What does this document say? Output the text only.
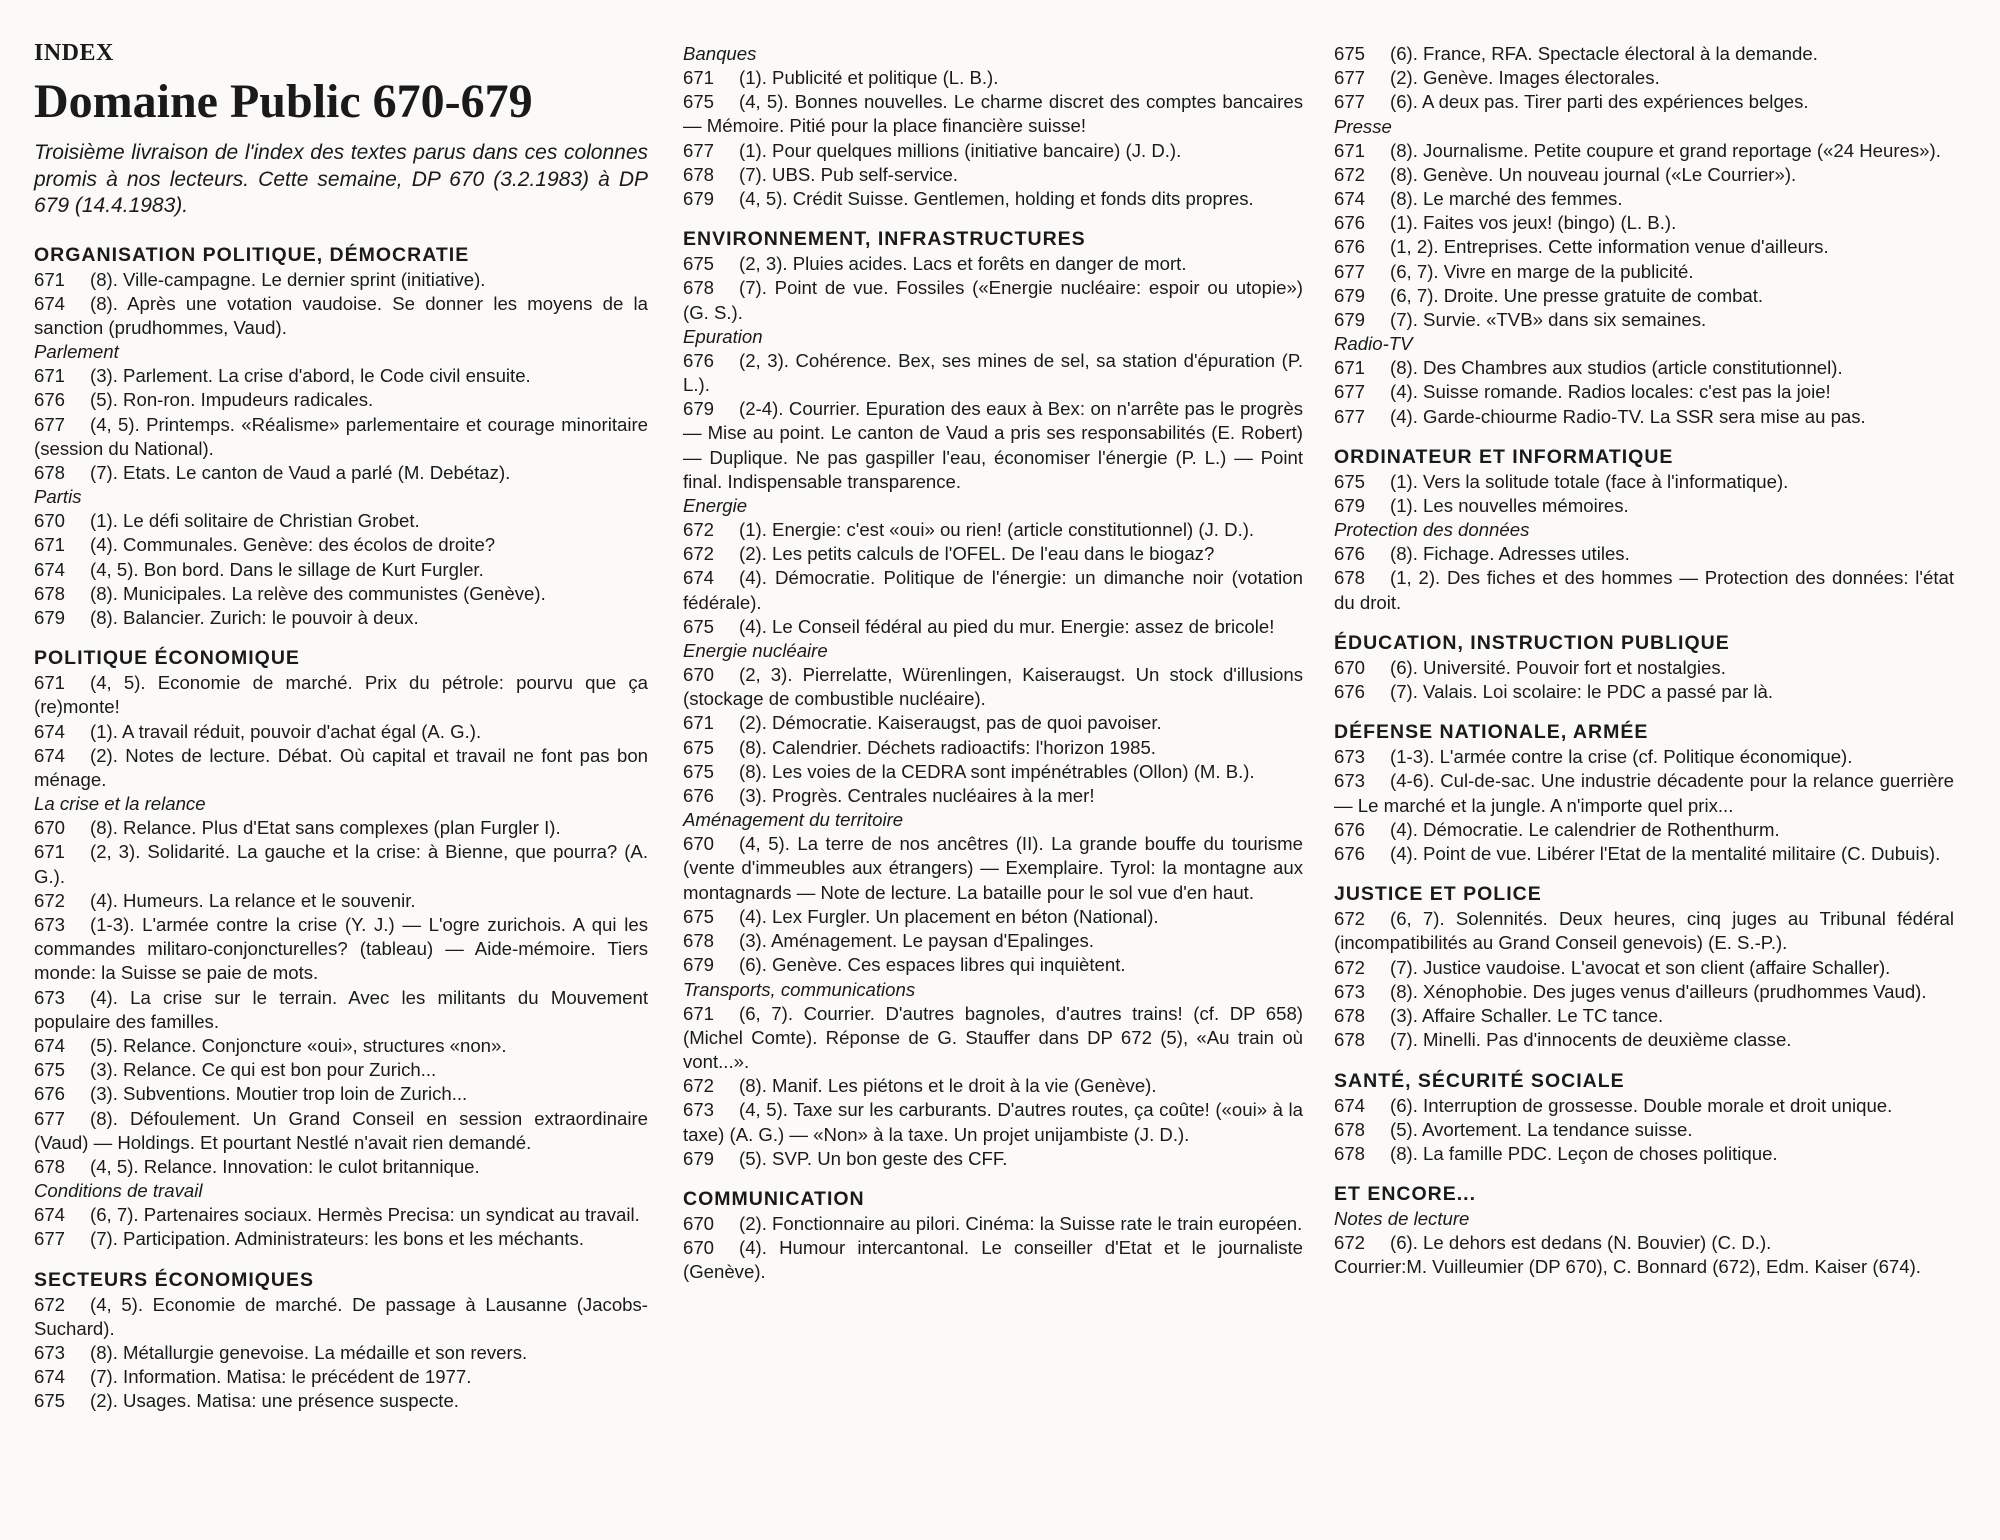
INDEX
Domaine Public 670-679

Troisième livraison de l'index des textes parus dans ces colonnes promis à nos lecteurs. Cette semaine, DP 670 (3.2.1983) à DP 679 (14.4.1983).

ORGANISATION POLITIQUE, DÉMOCRATIE
671 (8). Ville-campagne. Le dernier sprint (initiative).
674 (8). Après une votation vaudoise. Se donner les moyens de la sanction (prudhommes, Vaud).
Parlement
671 (3). Parlement. La crise d'abord, le Code civil ensuite.
676 (5). Ron-ron. Impudeurs radicales.
677 (4, 5). Printemps. «Réalisme» parlementaire et courage minoritaire (session du National).
678 (7). Etats. Le canton de Vaud a parlé (M. Debétaz).
Partis
670 (1). Le défi solitaire de Christian Grobet.
671 (4). Communales. Genève: des écolos de droite?
674 (4, 5). Bon bord. Dans le sillage de Kurt Furgler.
678 (8). Municipales. La relève des communistes (Genève).
679 (8). Balancier. Zurich: le pouvoir à deux.
POLITIQUE ÉCONOMIQUE
671 (4, 5). Economie de marché. Prix du pétrole: pourvu que ça (re)monte!
674 (1). A travail réduit, pouvoir d'achat égal (A. G.).
674 (2). Notes de lecture. Débat. Où capital et travail ne font pas bon ménage.
La crise et la relance
670 (8). Relance. Plus d'Etat sans complexes (plan Furgler I).
671 (2, 3). Solidarité. La gauche et la crise: à Bienne, que pourra? (A. G.).
672 (4). Humeurs. La relance et le souvenir.
673 (1-3). L'armée contre la crise (Y. J.) — L'ogre zurichois. A qui les commandes militaro-conjoncturelles? (tableau) — Aide-mémoire. Tiers monde: la Suisse se paie de mots.
673 (4). La crise sur le terrain. Avec les militants du Mouvement populaire des familles.
674 (5). Relance. Conjoncture «oui», structures «non».
675 (3). Relance. Ce qui est bon pour Zurich...
676 (3). Subventions. Moutier trop loin de Zurich...
677 (8). Défoulement. Un Grand Conseil en session extraordinaire (Vaud) — Holdings. Et pourtant Nestlé n'avait rien demandé.
678 (4, 5). Relance. Innovation: le culot britannique.
Conditions de travail
674 (6, 7). Partenaires sociaux. Hermès Precisa: un syndicat au travail.
677 (7). Participation. Administrateurs: les bons et les méchants.
SECTEURS ÉCONOMIQUES
672 (4, 5). Economie de marché. De passage à Lausanne (Jacobs-Suchard).
673 (8). Métallurgie genevoise. La médaille et son revers.
674 (7). Information. Matisa: le précédent de 1977.
675 (2). Usages. Matisa: une présence suspecte.
Banques
671 (1). Publicité et politique (L. B.).
675 (4, 5). Bonnes nouvelles. Le charme discret des comptes bancaires — Mémoire. Pitié pour la place financière suisse!
677 (1). Pour quelques millions (initiative bancaire) (J. D.).
678 (7). UBS. Pub self-service.
679 (4, 5). Crédit Suisse. Gentlemen, holding et fonds dits propres.
ENVIRONNEMENT, INFRASTRUCTURES
675 (2, 3). Pluies acides. Lacs et forêts en danger de mort.
678 (7). Point de vue. Fossiles («Energie nucléaire: espoir ou utopie») (G. S.).
Epuration
676 (2, 3). Cohérence. Bex, ses mines de sel, sa station d'épuration (P. L.).
679 (2-4). Courrier. Epuration des eaux à Bex: on n'arrête pas le progrès — Mise au point. Le canton de Vaud a pris ses responsabilités (E. Robert) — Duplique. Ne pas gaspiller l'eau, économiser l'énergie (P. L.) — Point final. Indispensable transparence.
Energie
672 (1). Energie: c'est «oui» ou rien! (article constitutionnel) (J. D.).
672 (2). Les petits calculs de l'OFEL. De l'eau dans le biogaz?
674 (4). Démocratie. Politique de l'énergie: un dimanche noir (votation fédérale).
675 (4). Le Conseil fédéral au pied du mur. Energie: assez de bricole!
Energie nucléaire
670 (2, 3). Pierrelatte, Würenlingen, Kaiseraugst. Un stock d'illusions (stockage de combustible nucléaire).
671 (2). Démocratie. Kaiseraugst, pas de quoi pavoiser.
675 (8). Calendrier. Déchets radioactifs: l'horizon 1985.
675 (8). Les voies de la CEDRA sont impénétrables (Ollon) (M. B.).
676 (3). Progrès. Centrales nucléaires à la mer!
Aménagement du territoire
670 (4, 5). La terre de nos ancêtres (II). La grande bouffe du tourisme (vente d'immeubles aux étrangers) — Exemplaire. Tyrol: la montagne aux montagnards — Note de lecture. La bataille pour le sol vue d'en haut.
675 (4). Lex Furgler. Un placement en béton (National).
678 (3). Aménagement. Le paysan d'Epalinges.
679 (6). Genève. Ces espaces libres qui inquiètent.
Transports, communications
671 (6, 7). Courrier. D'autres bagnoles, d'autres trains! (cf. DP 658) (Michel Comte). Réponse de G. Stauffer dans DP 672 (5), «Au train où vont...».
672 (8). Manif. Les piétons et le droit à la vie (Genève).
673 (4, 5). Taxe sur les carburants. D'autres routes, ça coûte! («oui» à la taxe) (A. G.) — «Non» à la taxe. Un projet unijambiste (J. D.).
679 (5). SVP. Un bon geste des CFF.
COMMUNICATION
670 (2). Fonctionnaire au pilori. Cinéma: la Suisse rate le train européen.
670 (4). Humour intercantonal. Le conseiller d'Etat et le journaliste (Genève).
675 (6). France, RFA. Spectacle électoral à la demande.
677 (2). Genève. Images électorales.
677 (6). A deux pas. Tirer parti des expériences belges.
Presse
671 (8). Journalisme. Petite coupure et grand reportage («24 Heures»).
672 (8). Genève. Un nouveau journal («Le Courrier»).
674 (8). Le marché des femmes.
676 (1). Faites vos jeux! (bingo) (L. B.).
676 (1, 2). Entreprises. Cette information venue d'ailleurs.
677 (6, 7). Vivre en marge de la publicité.
679 (6, 7). Droite. Une presse gratuite de combat.
679 (7). Survie. «TVB» dans six semaines.
Radio-TV
671 (8). Des Chambres aux studios (article constitutionnel).
677 (4). Suisse romande. Radios locales: c'est pas la joie!
677 (4). Garde-chiourme Radio-TV. La SSR sera mise au pas.
ORDINATEUR ET INFORMATIQUE
675 (1). Vers la solitude totale (face à l'informatique).
679 (1). Les nouvelles mémoires.
Protection des données
676 (8). Fichage. Adresses utiles.
678 (1, 2). Des fiches et des hommes — Protection des données: l'état du droit.
ÉDUCATION, INSTRUCTION PUBLIQUE
670 (6). Université. Pouvoir fort et nostalgies.
676 (7). Valais. Loi scolaire: le PDC a passé par là.
DÉFENSE NATIONALE, ARMÉE
673 (1-3). L'armée contre la crise (cf. Politique économique).
673 (4-6). Cul-de-sac. Une industrie décadente pour la relance guerrière — Le marché et la jungle. A n'importe quel prix...
676 (4). Démocratie. Le calendrier de Rothenthurm.
676 (4). Point de vue. Libérer l'Etat de la mentalité militaire (C. Dubuis).
JUSTICE ET POLICE
672 (6, 7). Solennités. Deux heures, cinq juges au Tribunal fédéral (incompatibilités au Grand Conseil genevois) (E. S.-P.).
672 (7). Justice vaudoise. L'avocat et son client (affaire Schaller).
673 (8). Xénophobie. Des juges venus d'ailleurs (prudhommes Vaud).
678 (3). Affaire Schaller. Le TC tance.
678 (7). Minelli. Pas d'innocents de deuxième classe.
SANTÉ, SÉCURITÉ SOCIALE
674 (6). Interruption de grossesse. Double morale et droit unique.
678 (5). Avortement. La tendance suisse.
678 (8). La famille PDC. Leçon de choses politique.
ET ENCORE...
Notes de lecture
672 (6). Le dehors est dedans (N. Bouvier) (C. D.).
Courrier:M. Vuilleumier (DP 670), C. Bonnard (672), Edm. Kaiser (674).
